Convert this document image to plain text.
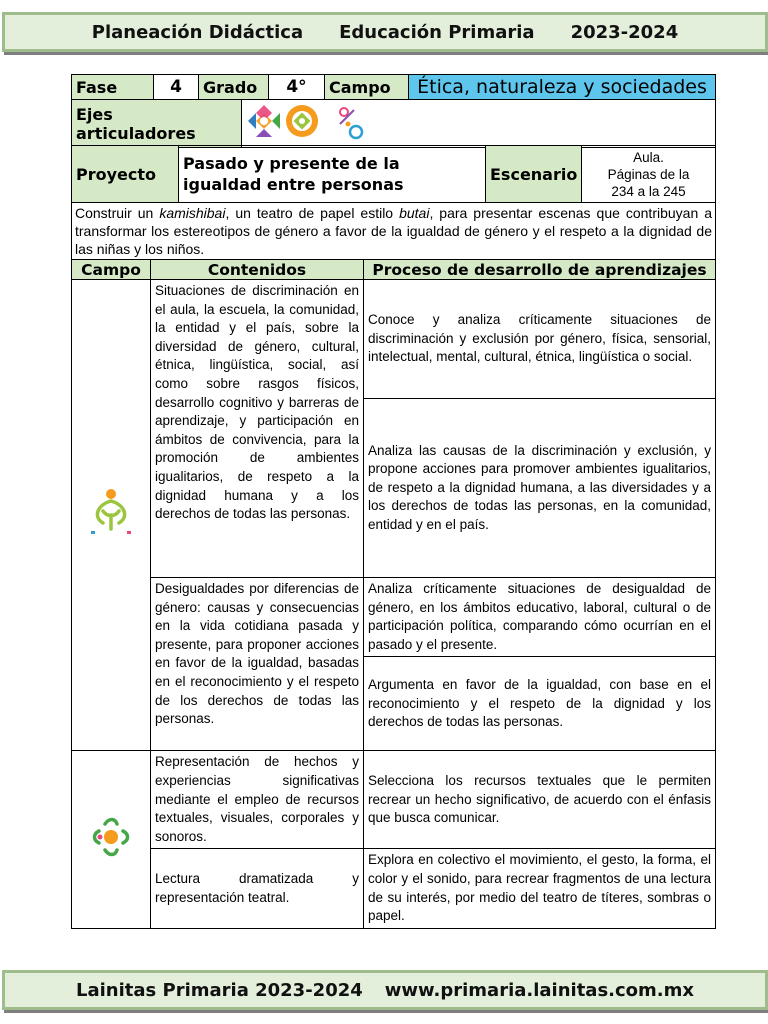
Planeación Didáctica Educación Primaria 2023-2024
Fase	4	Grado	4°	Campo	Ética, naturaleza y sociedades
Ejes articuladores	
Proyecto	Pasado y presente de la igualdad entre personas	Escenario	
Aula.
Páginas de la
234 a la 245
Construir un kamishibai, un teatro de papel estilo butai, para presentar escenas que contribuyan a transformar los estereotipos de género a favor de la igualdad de género y el respeto a la dignidad de las niñas y los niños.
Campo	Contenidos	Proceso de desarrollo de aprendizajes
	Situaciones de discriminación en el aula, la escuela, la comunidad, la entidad y el país, sobre la diversidad de género, cultural, étnica, lingüística, social, así como sobre rasgos físicos, desarrollo cognitivo y barreras de aprendizaje, y participación en ámbitos de convivencia, para la promoción de ambientes igualitarios, de respeto a la dignidad humana y a los derechos de todas las personas.	Conoce y analiza críticamente situaciones de discriminación y exclusión por género, física, sensorial, intelectual, mental, cultural, étnica, lingüística o social.
		Analiza las causas de la discriminación y exclusión, y propone acciones para promover ambientes igualitarios, de respeto a la dignidad humana, a las diversidades y a los derechos de todas las personas, en la comunidad, entidad y en el país.
	Desigualdades por diferencias de género: causas y consecuencias en la vida cotidiana pasada y presente, para proponer acciones en favor de la igualdad, basadas en el reconocimiento y el respeto de los derechos de todas las personas.	Analiza críticamente situaciones de desigualdad de género, en los ámbitos educativo, laboral, cultural o de participación política, comparando cómo ocurrían en el pasado y el presente.
		Argumenta en favor de la igualdad, con base en el reconocimiento y el respeto de la dignidad y los derechos de todas las personas.
	Representación de hechos y experiencias significativas mediante el empleo de recursos textuales, visuales, corporales y sonoros.	Selecciona los recursos textuales que le permiten recrear un hecho significativo, de acuerdo con el énfasis que busca comunicar.
	Lectura dramatizada y representación teatral.	Explora en colectivo el movimiento, el gesto, la forma, el color y el sonido, para recrear fragmentos de una lectura de su interés, por medio del teatro de títeres, sombras o papel.
Lainitas Primaria 2023-2024 www.primaria.lainitas.com.mx
